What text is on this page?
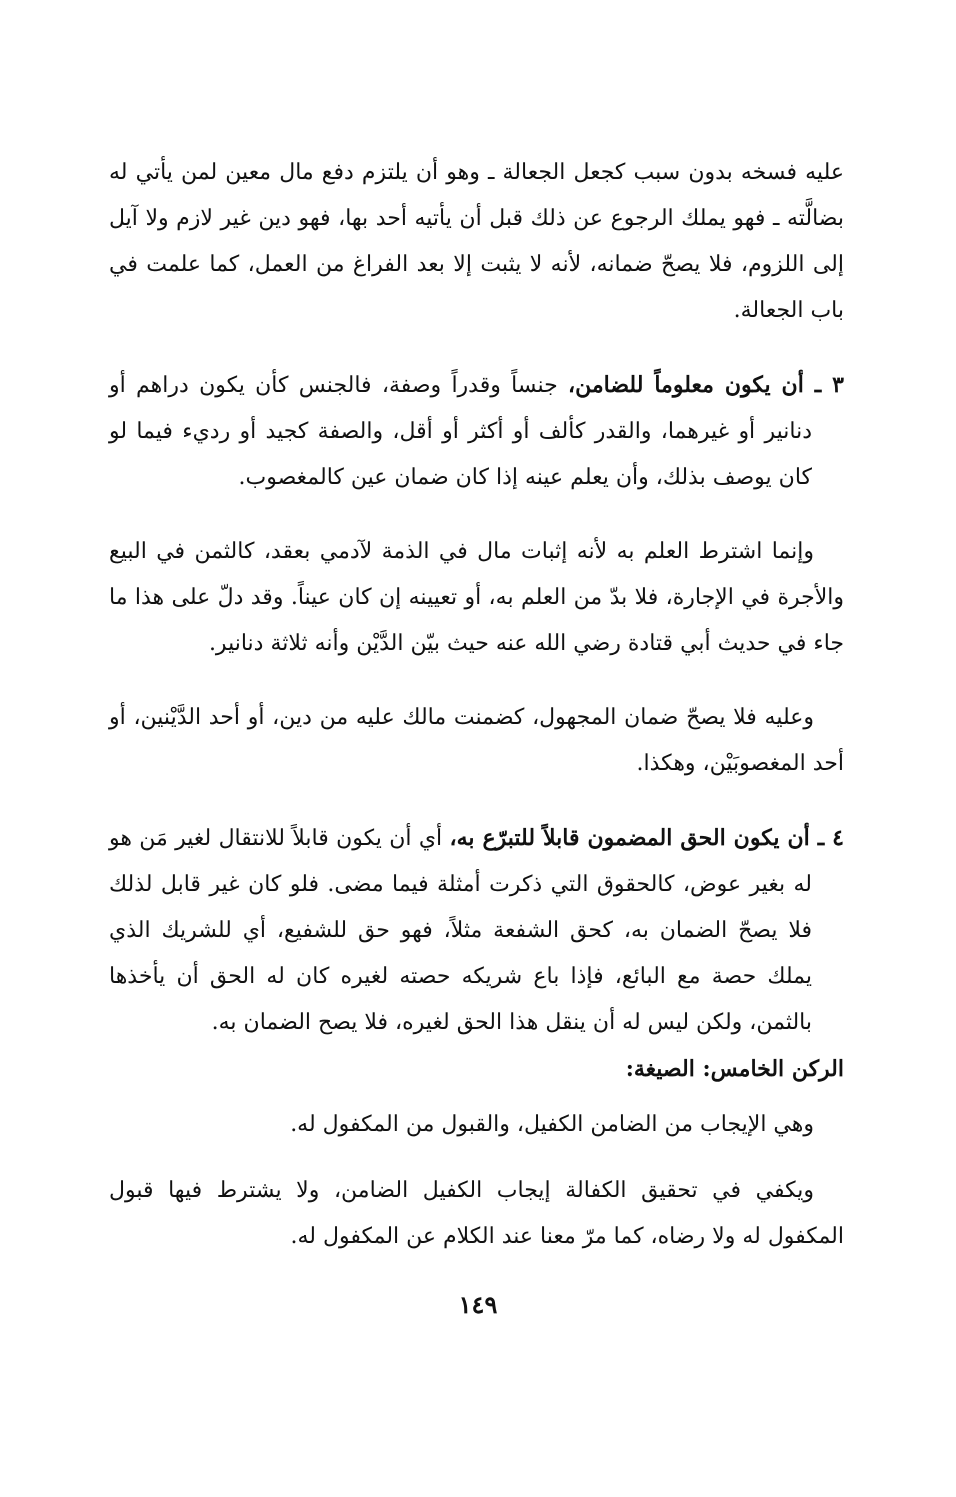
عليه فسخه بدون سبب كجعل الجعالة ـ وهو أن يلتزم دفع مال معين لمن يأتي له بضالَّته ـ فهو يملك الرجوع عن ذلك قبل أن يأتيه أحد بها، فهو دين غير لازم ولا آيل إلى اللزوم، فلا يصحّ ضمانه، لأنه لا يثبت إلا بعد الفراغ من العمل، كما علمت في باب الجعالة.

٣ ـ أن يكون معلوماً للضامن، جنساً وقدراً وصفة، فالجنس كأن يكون دراهم أو دنانير أو غيرهما، والقدر كألف أو أكثر أو أقل، والصفة كجيد أو رديء فيما لو كان يوصف بذلك، وأن يعلم عينه إذا كان ضمان عين كالمغصوب.

وإنما اشترط العلم به لأنه إثبات مال في الذمة لآدمي بعقد، كالثمن في البيع والأجرة في الإجارة، فلا بدّ من العلم به، أو تعيينه إن كان عيناً. وقد دلّ على هذا ما جاء في حديث أبي قتادة رضي الله عنه حيث بيّن الدَّيْن وأنه ثلاثة دنانير.

وعليه فلا يصحّ ضمان المجهول، كضمنت مالك عليه من دين، أو أحد الدَّيْنين، أو أحد المغصوبَيْن، وهكذا.

٤ ـ أن يكون الحق المضمون قابلاً للتبرّع به، أي أن يكون قابلاً للانتقال لغير مَن هو له بغير عوض، كالحقوق التي ذكرت أمثلة فيما مضى. فلو كان غير قابل لذلك فلا يصحّ الضمان به، كحق الشفعة مثلاً، فهو حق للشفيع، أي للشريك الذي يملك حصة مع البائع، فإذا باع شريكه حصته لغيره كان له الحق أن يأخذها بالثمن، ولكن ليس له أن ينقل هذا الحق لغيره، فلا يصح الضمان به.

الركن الخامس: الصيغة:

وهي الإيجاب من الضامن الكفيل، والقبول من المكفول له.

ويكفي في تحقيق الكفالة إيجاب الكفيل الضامن، ولا يشترط فيها قبول المكفول له ولا رضاه، كما مرّ معنا عند الكلام عن المكفول له.

١٤٩
